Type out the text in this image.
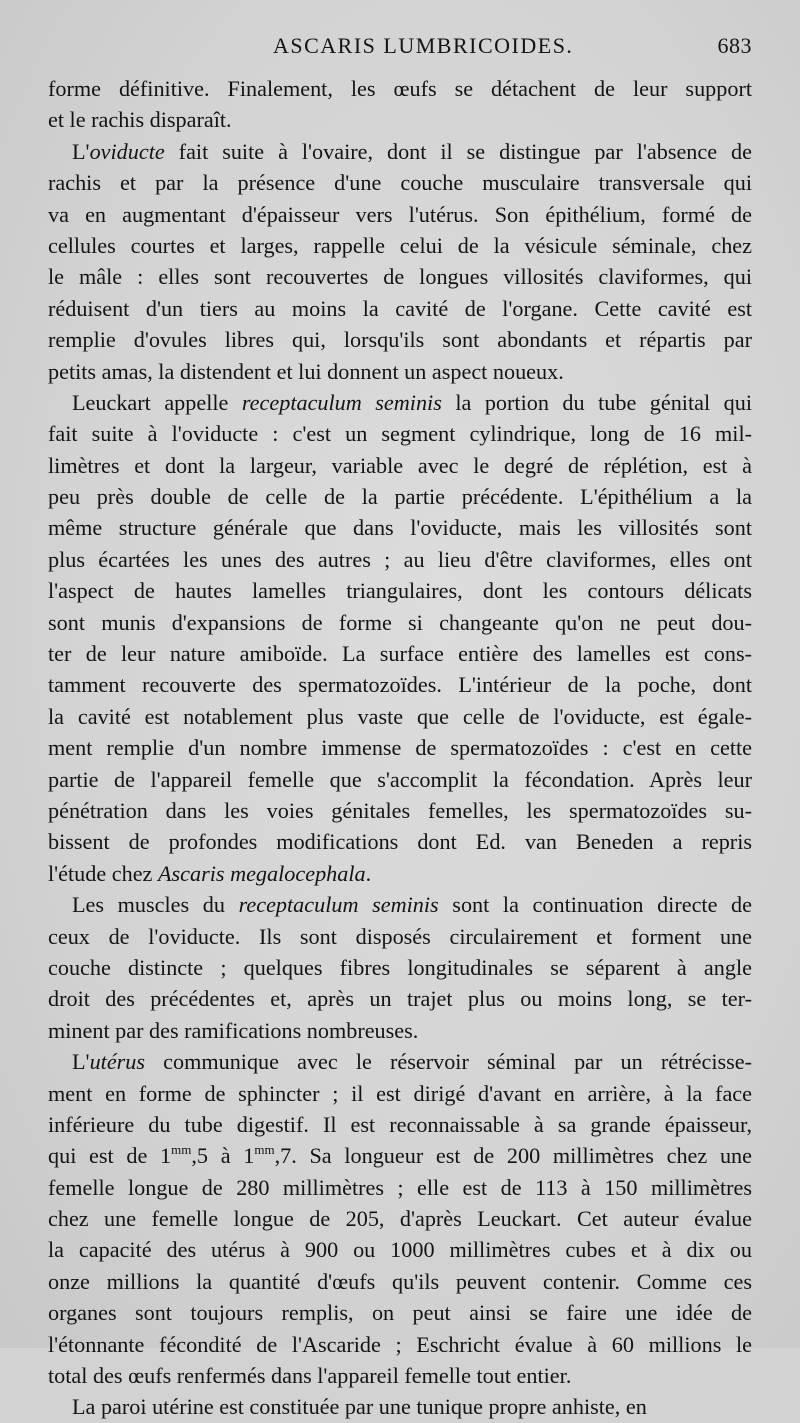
ASCARIS LUMBRICOIDES.	683
forme définitive. Finalement, les œufs se détachent de leur support
et le rachis disparaît.
L'oviducte fait suite à l'ovaire, dont il se distingue par l'absence de
rachis et par la présence d'une couche musculaire transversale qui
va en augmentant d'épaisseur vers l'utérus. Son épithélium, formé de
cellules courtes et larges, rappelle celui de la vésicule séminale, chez
le mâle : elles sont recouvertes de longues villosités claviformes, qui
réduisent d'un tiers au moins la cavité de l'organe. Cette cavité est
remplie d'ovules libres qui, lorsqu'ils sont abondants et répartis par
petits amas, la distendent et lui donnent un aspect noueux.
Leuckart appelle receptaculum seminis la portion du tube génital qui
fait suite à l'oviducte : c'est un segment cylindrique, long de 16 mil-
limètres et dont la largeur, variable avec le degré de réplétion, est à
peu près double de celle de la partie précédente. L'épithélium a la
même structure générale que dans l'oviducte, mais les villosités sont
plus écartées les unes des autres ; au lieu d'être claviformes, elles ont
l'aspect de hautes lamelles triangulaires, dont les contours délicats
sont munis d'expansions de forme si changeante qu'on ne peut dou-
ter de leur nature amiboïde. La surface entière des lamelles est cons-
tamment recouverte des spermatozoïdes. L'intérieur de la poche, dont
la cavité est notablement plus vaste que celle de l'oviducte, est égale-
ment remplie d'un nombre immense de spermatozoïdes : c'est en cette
partie de l'appareil femelle que s'accomplit la fécondation. Après leur
pénétration dans les voies génitales femelles, les spermatozoïdes su-
bissent de profondes modifications dont Ed. van Beneden a repris
l'étude chez Ascaris megalocephala.
Les muscles du receptaculum seminis sont la continuation directe de
ceux de l'oviducte. Ils sont disposés circulairement et forment une
couche distincte ; quelques fibres longitudinales se séparent à angle
droit des précédentes et, après un trajet plus ou moins long, se ter-
minent par des ramifications nombreuses.
L'utérus communique avec le réservoir séminal par un rétrécisse-
ment en forme de sphincter ; il est dirigé d'avant en arrière, à la face
inférieure du tube digestif. Il est reconnaissable à sa grande épaisseur,
qui est de $1^{mm},5$ à $1^{mm},7$. Sa longueur est de 200 millimètres chez une
femelle longue de 280 millimètres ; elle est de 113 à 150 millimètres
chez une femelle longue de 205, d'après Leuckart. Cet auteur évalue
la capacité des utérus à 900 ou 1000 millimètres cubes et à dix ou
onze millions la quantité d'œufs qu'ils peuvent contenir. Comme ces
organes sont toujours remplis, on peut ainsi se faire une idée de
l'étonnante fécondité de l'Ascaride ; Eschricht évalue à 60 millions le
total des œufs renfermés dans l'appareil femelle tout entier.
La paroi utérine est constituée par une tunique propre anhiste, en
